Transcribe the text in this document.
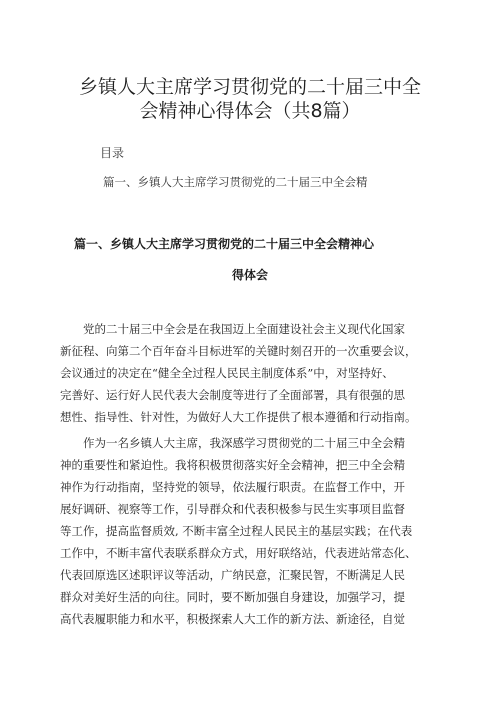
乡镇人大主席学习贯彻党的二十届三中全
会精神心得体会（共8篇）
目录
篇一、乡镇人大主席学习贯彻党的二十届三中全会精
篇一、乡镇人大主席学习贯彻党的二十届三中全会精神心
得体会
党的二十届三中全会是在我国迈上全面建设社会主义现代化国家
新征程、向第二个百年奋斗目标进军的关键时刻召开的一次重要会议，
会议通过的决定在“健全全过程人民民主制度体系”中，对坚持好、
完善好、运行好人民代表大会制度等进行了全面部署，具有很强的思
想性、指导性、针对性，为做好人大工作提供了根本遵循和行动指南。
作为一名乡镇人大主席，我深感学习贯彻党的二十届三中全会精
神的重要性和紧迫性。我将积极贯彻落实好全会精神，把三中全会精
神作为行动指南，坚持党的领导，依法履行职责。在监督工作中，开
展好调研、视察等工作，引导群众和代表积极参与民生实事项目监督
等工作，提高监督质效, 不断丰富全过程人民民主的基层实践；在代表
工作中，不断丰富代表联系群众方式，用好联络站，代表进站常态化、
代表回原选区述职评议等活动，广纳民意，汇聚民智，不断满足人民
群众对美好生活的向往。同时，要不断加强自身建设，加强学习，提
高代表履职能力和水平，积极探索人大工作的新方法、新途径，自觉
